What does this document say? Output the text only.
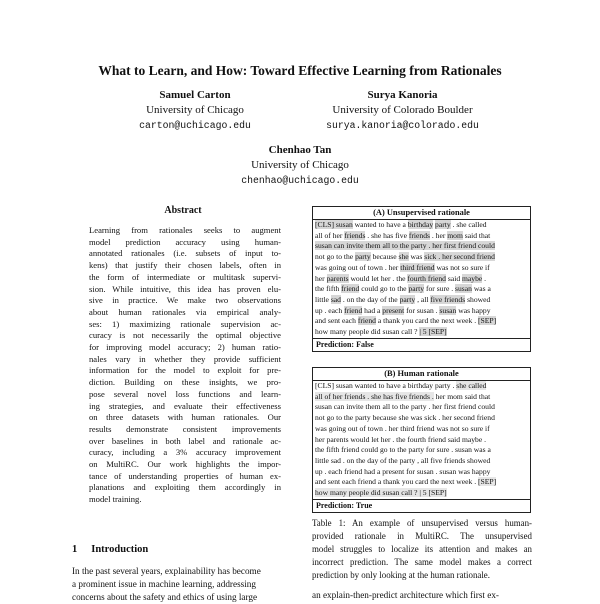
What to Learn, and How: Toward Effective Learning from Rationales
Samuel Carton
University of Chicago
carton@uchicago.edu
Surya Kanoria
University of Colorado Boulder
surya.kanoria@colorado.edu
Chenhao Tan
University of Chicago
chenhao@uchicago.edu
Abstract
Learning from rationales seeks to augment
model prediction accuracy using human-
annotated rationales (i.e. subsets of input to-
kens) that justify their chosen labels, often in
the form of intermediate or multitask supervi-
sion. While intuitive, this idea has proven elu-
sive in practice. We make two observations
about human rationales via empirical analy-
ses: 1) maximizing rationale supervision ac-
curacy is not necessarily the optimal objective
for improving model accuracy; 2) human ratio-
nales vary in whether they provide sufficient
information for the model to exploit for pre-
diction. Building on these insights, we pro-
pose several novel loss functions and learn-
ing strategies, and evaluate their effectiveness
on three datasets with human rationales. Our
results demonstrate consistent improvements
over baselines in both label and rationale ac-
curacy, including a 3% accuracy improvement
on MultiRC. Our work highlights the impor-
tance of understanding properties of human ex-
planations and exploiting them accordingly in
model training.
1 Introduction
In the past several years, explainability has become
a prominent issue in machine learning, addressing
concerns about the safety and ethics of using large
(A) Unsupervised rationale
[CLS] susan wanted to have a birthday party . she called
all of her friends . she has five friends . her mom said that
susan can invite them all to the party . her first friend could
not go to the party because she was sick . her second friend
was going out of town . her third friend was not so sure if
her parents would let her . the fourth friend said maybe .
the fifth friend could go to the party for sure . susan was a
little sad . on the day of the party , all five friends showed
up . each friend had a present for susan . susan was happy
and sent each friend a thank you card the next week . [SEP]
how many people did susan call ? | 5 [SEP]
Prediction: False
(B) Human rationale
[CLS] susan wanted to have a birthday party . she called
all of her friends . she has five friends . her mom said that
susan can invite them all to the party . her first friend could
not go to the party because she was sick . her second friend
was going out of town . her third friend was not so sure if
her parents would let her . the fourth friend said maybe .
the fifth friend could go to the party for sure . susan was a
little sad . on the day of the party , all five friends showed
up . each friend had a present for susan . susan was happy
and sent each friend a thank you card the next week . [SEP]
how many people did susan call ? | 5 [SEP]
Prediction: True
Table 1: An example of unsupervised versus human-
provided rationale in MultiRC. The unsupervised
model struggles to localize its attention and makes an
incorrect prediction. The same model makes a correct
prediction by only looking at the human rationale.
an explain-then-predict architecture which first ex-
